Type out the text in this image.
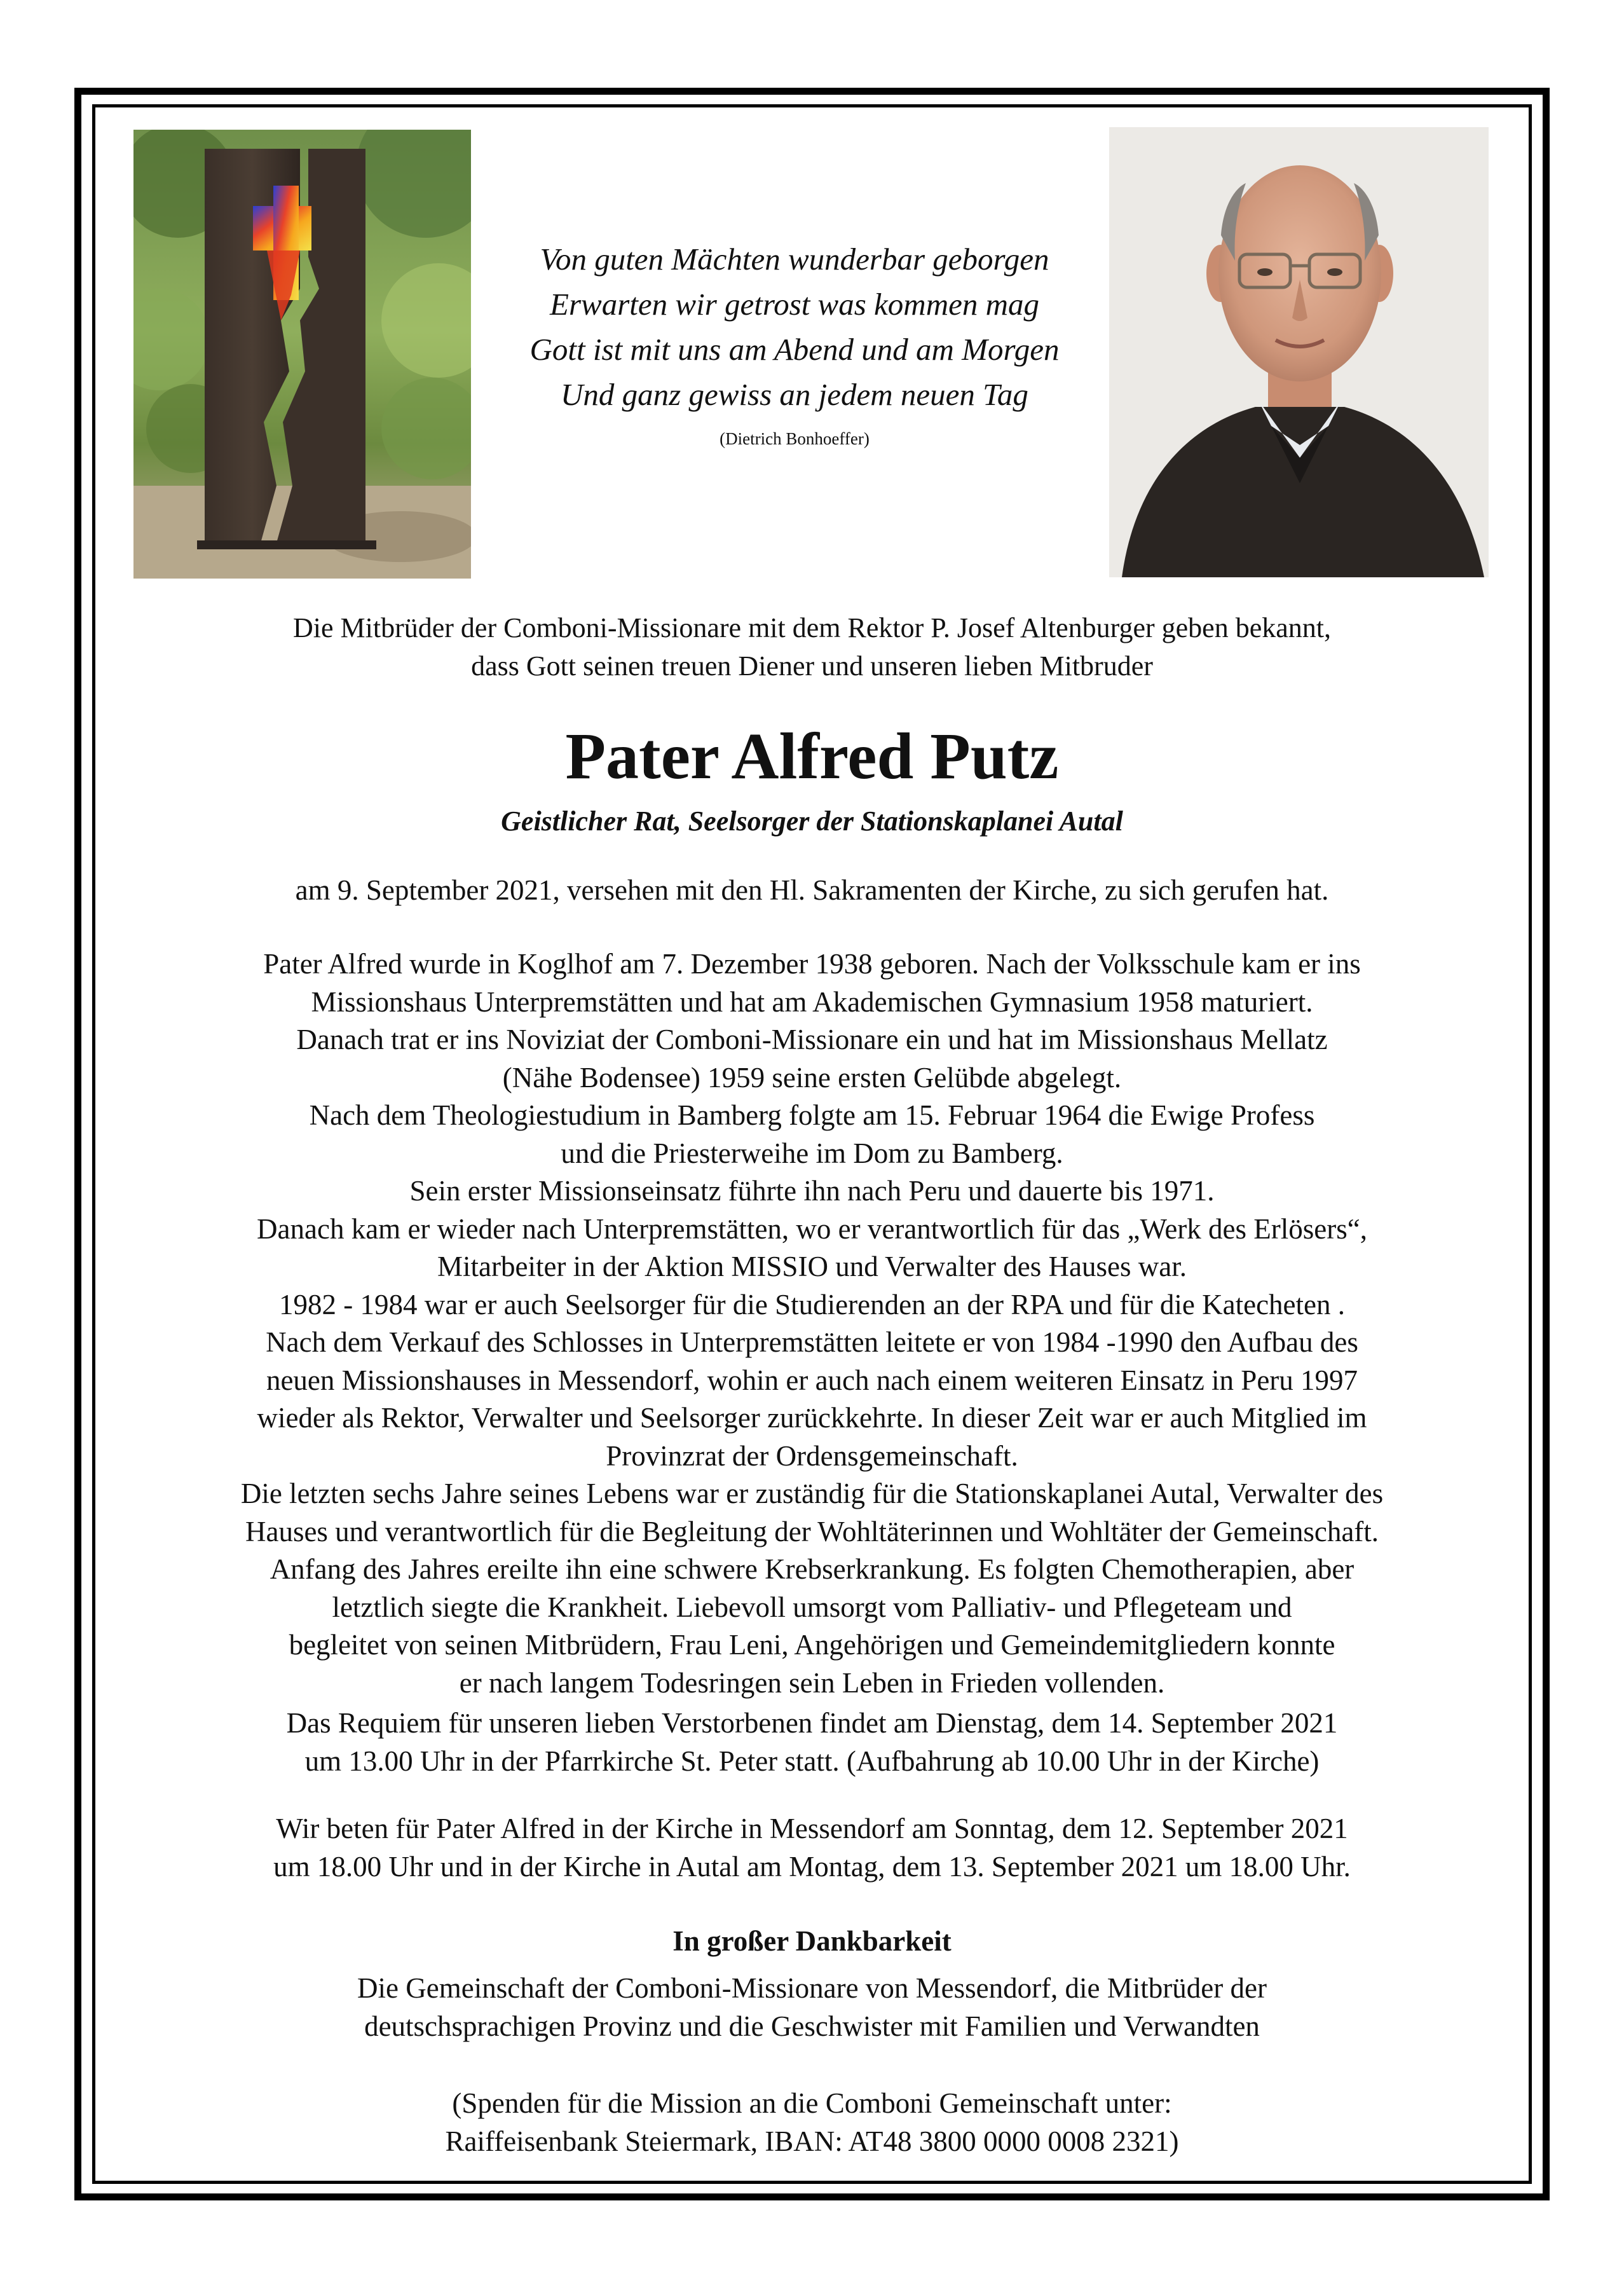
Von guten Mächten wunderbar geborgen
Erwarten wir getrost was kommen mag
Gott ist mit uns am Abend und am Morgen
Und ganz gewiss an jedem neuen Tag
(Dietrich Bonhoeffer)
Die Mitbrüder der Comboni-Missionare mit dem Rektor P. Josef Altenburger geben bekannt,
dass Gott seinen treuen Diener und unseren lieben Mitbruder
Pater Alfred Putz
Geistlicher Rat, Seelsorger der Stationskaplanei Autal
am 9. September 2021, versehen mit den Hl. Sakramenten der Kirche, zu sich gerufen hat.
Pater Alfred wurde in Koglhof am 7. Dezember 1938 geboren. Nach der Volksschule kam er ins
Missionshaus Unterpremstätten und hat am Akademischen Gymnasium 1958 maturiert.
Danach trat er ins Noviziat der Comboni-Missionare ein und hat im Missionshaus Mellatz
(Nähe Bodensee) 1959 seine ersten Gelübde abgelegt.
Nach dem Theologiestudium in Bamberg folgte am 15. Februar 1964 die Ewige Profess
und die Priesterweihe im Dom zu Bamberg.
Sein erster Missionseinsatz führte ihn nach Peru und dauerte bis 1971.
Danach kam er wieder nach Unterpremstätten, wo er verantwortlich für das „Werk des Erlösers“,
Mitarbeiter in der Aktion MISSIO und Verwalter des Hauses war.
1982 - 1984 war er auch Seelsorger für die Studierenden an der RPA und für die Katecheten .
Nach dem Verkauf des Schlosses in Unterpremstätten leitete er von 1984 -1990 den Aufbau des
neuen Missionshauses in Messendorf, wohin er auch nach einem weiteren Einsatz in Peru 1997
wieder als Rektor, Verwalter und Seelsorger zurückkehrte. In dieser Zeit war er auch Mitglied im
Provinzrat der Ordensgemeinschaft.
Die letzten sechs Jahre seines Lebens war er zuständig für die Stationskaplanei Autal, Verwalter des
Hauses und verantwortlich für die Begleitung der Wohltäterinnen und Wohltäter der Gemeinschaft.
Anfang des Jahres ereilte ihn eine schwere Krebserkrankung. Es folgten Chemotherapien, aber
letztlich siegte die Krankheit. Liebevoll umsorgt vom Palliativ- und Pflegeteam und
begleitet von seinen Mitbrüdern, Frau Leni, Angehörigen und Gemeindemitgliedern konnte
er nach langem Todesringen sein Leben in Frieden vollenden.
Das Requiem für unseren lieben Verstorbenen findet am Dienstag, dem 14. September 2021
um 13.00 Uhr in der Pfarrkirche St. Peter statt. (Aufbahrung ab 10.00 Uhr in der Kirche)
Wir beten für Pater Alfred in der Kirche in Messendorf am Sonntag, dem 12. September 2021
um 18.00 Uhr und in der Kirche in Autal am Montag, dem 13. September 2021 um 18.00 Uhr.
In großer Dankbarkeit
Die Gemeinschaft der Comboni-Missionare von Messendorf, die Mitbrüder der
deutschsprachigen Provinz und die Geschwister mit Familien und Verwandten
(Spenden für die Mission an die Comboni Gemeinschaft unter:
Raiffeisenbank Steiermark, IBAN: AT48 3800 0000 0008 2321)
